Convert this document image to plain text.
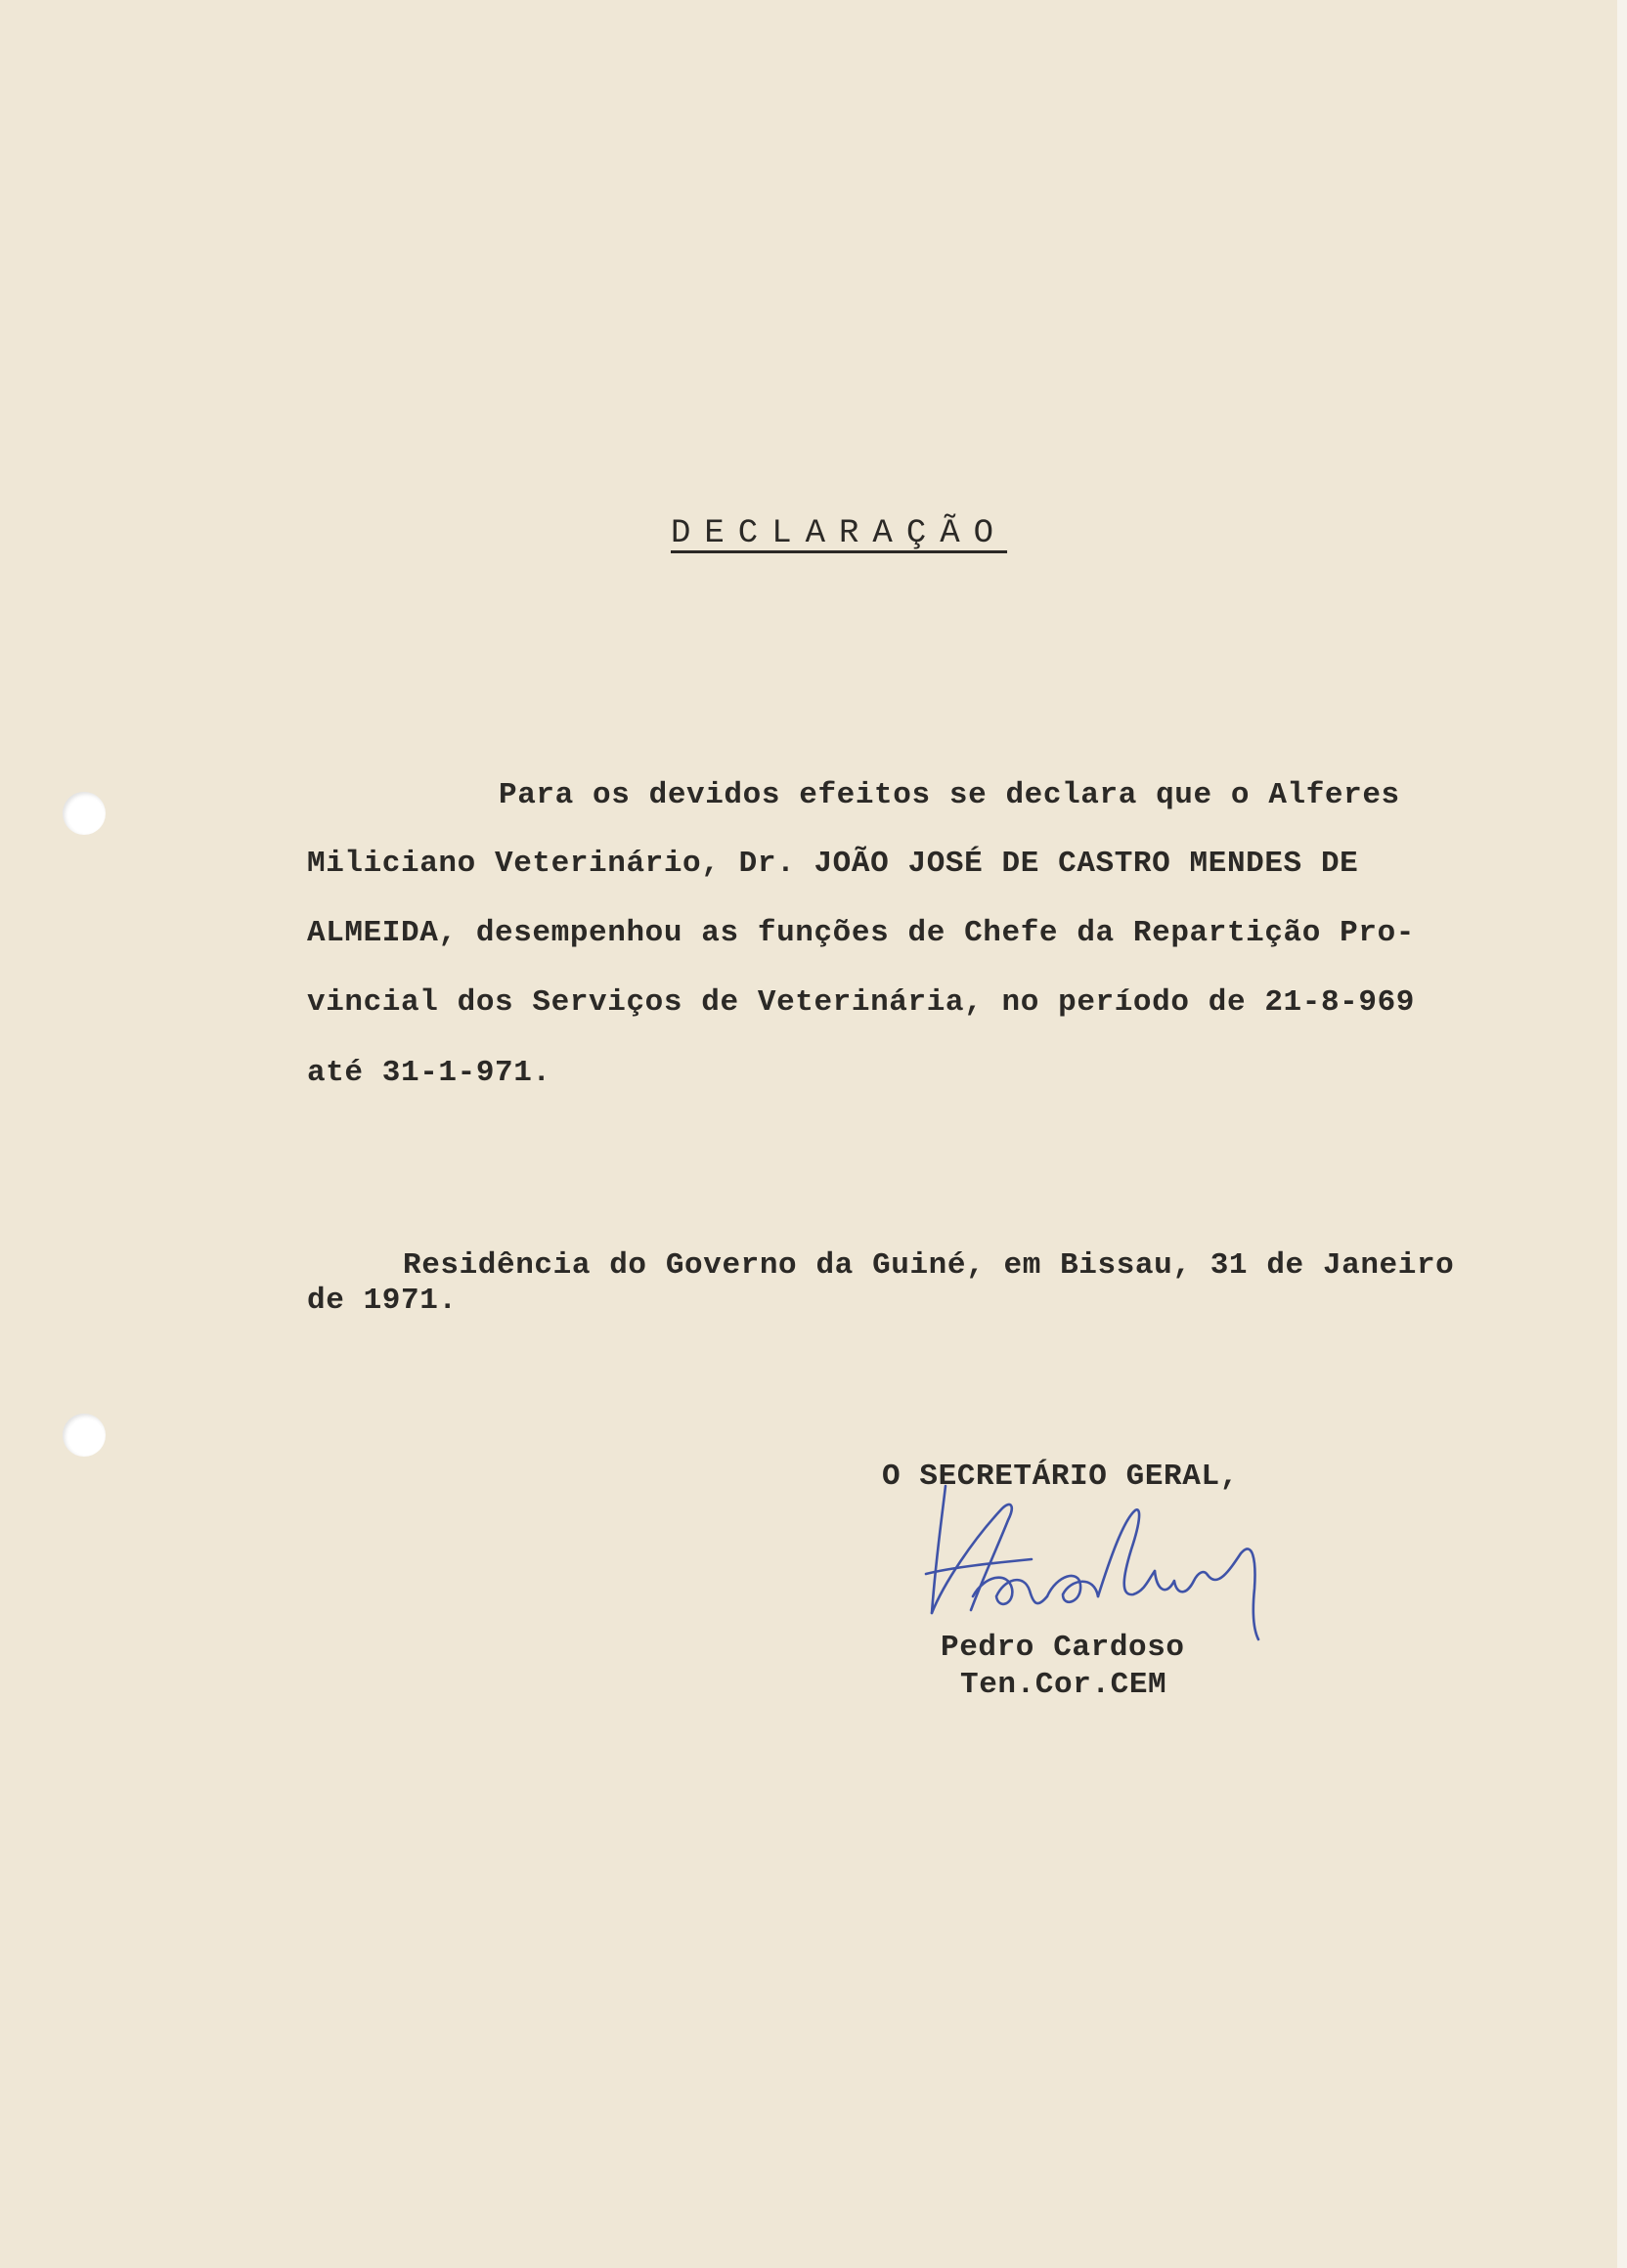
DECLARAÇÃO
Para os devidos efeitos se declara que o Alferes
Miliciano Veterinário, Dr. JOÃO JOSÉ DE CASTRO MENDES DE
ALMEIDA, desempenhou as funções de Chefe da Repartição Pro-
vincial dos Serviços de Veterinária, no período de 21-8-969
até 31-1-971.
Residência do Governo da Guiné, em Bissau, 31 de Janeiro
de 1971.
O SECRETÁRIO GERAL,
Pedro Cardoso
Ten.Cor.CEM
